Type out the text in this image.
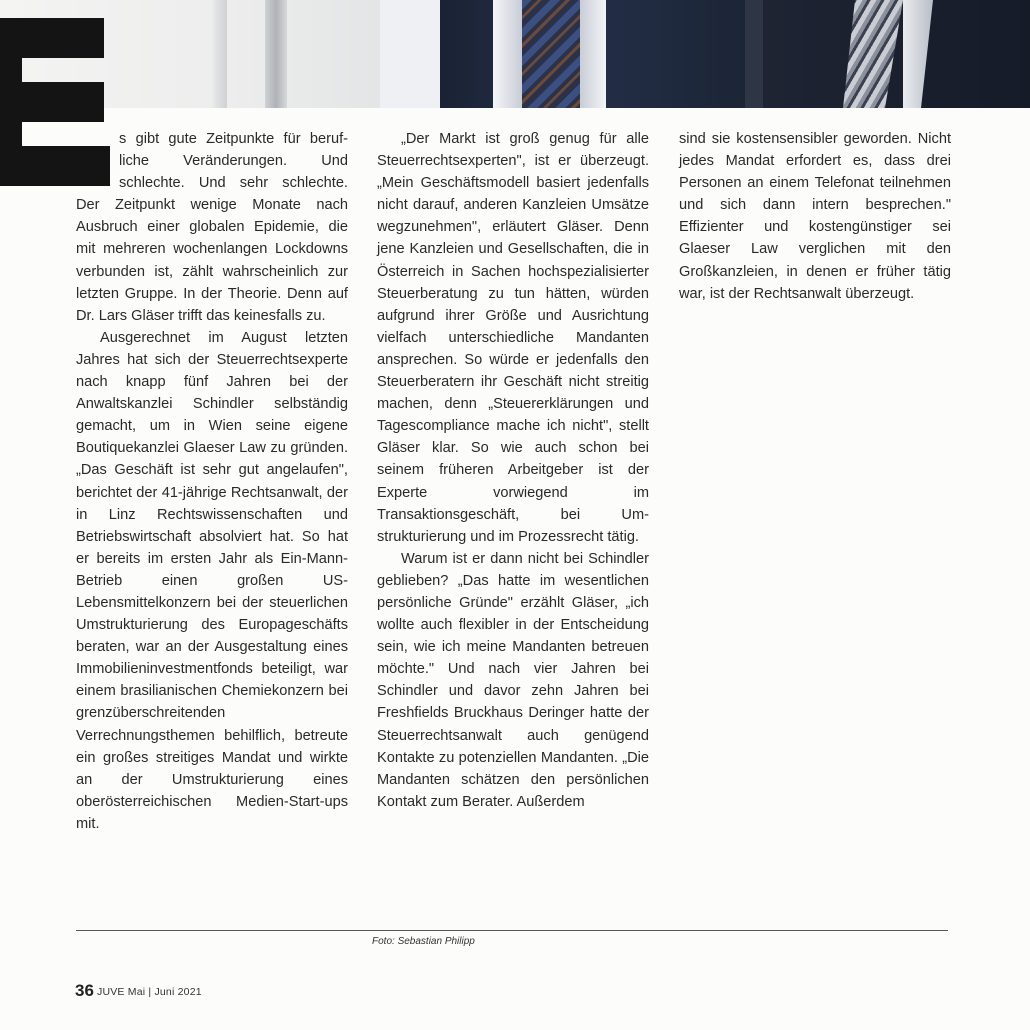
s gibt gute Zeitpunkte für beruf-

liche Veränderungen. Und

schlechte. Und sehr schlechte.

Der Zeitpunkt wenige Monate nach Ausbruch einer globalen Epidemie, die mit mehreren wochenlangen Lockdowns verbunden ist, zählt wahrscheinlich zur letzten Gruppe. In der Theorie. Denn auf Dr. Lars Gläser trifft das keinesfalls zu.

Ausgerechnet im August letzten Jahres hat sich der Steuerrechtsexperte nach knapp fünf Jahren bei der Anwaltskanzlei Schindler selbständig gemacht, um in Wien seine eigene Boutiquekanzlei Glaeser Law zu gründen. „Das Geschäft ist sehr gut angelaufen", berichtet der 41-jährige Rechtsanwalt, der in Linz Rechtswissenschaften und Betriebswirtschaft absolviert hat. So hat er bereits im ersten Jahr als Ein-Mann-Betrieb einen großen US-Lebensmittelkonzern bei der steuerlichen Umstrukturierung des Europageschäfts beraten, war an der Ausgestaltung eines Immobilieninvestmentfonds beteiligt, war einem brasilianischen Chemiekonzern bei grenzüberschreitenden Verrechnungsthemen behilflich, betreute ein großes streitiges Mandat und wirkte an der Umstrukturierung eines oberösterreichischen Medien-Start-ups mit.

„Der Markt ist groß genug für alle Steuerrechtsexperten", ist er überzeugt. „Mein Geschäftsmodell basiert jedenfalls nicht darauf, anderen Kanzleien Umsätze wegzunehmen", erläutert Gläser. Denn jene Kanzleien und Gesellschaften, die in Österreich in Sachen hochspezialisierter Steuerberatung zu tun hätten, würden aufgrund ihrer Größe und Ausrichtung vielfach unterschiedliche Mandanten ansprechen. So würde er jedenfalls den Steuerberatern ihr Geschäft nicht streitig machen, denn „Steuererklärungen und Tagescompliance mache ich nicht", stellt Gläser klar. So wie auch schon bei seinem früheren Arbeitgeber ist der Experte vorwiegend im Transaktionsgeschäft, bei Umstrukturierung und im Prozessrecht tätig.

Warum ist er dann nicht bei Schindler geblieben? „Das hatte im wesentlichen persönliche Gründe" erzählt Gläser, „ich wollte auch flexibler in der Entscheidung sein, wie ich meine Mandanten betreuen möchte." Und nach vier Jahren bei Schindler und davor zehn Jahren bei Freshfields Bruckhaus Deringer hatte der Steuerrechtsanwalt auch genügend Kontakte zu potenziellen Mandanten. „Die Mandanten schätzen den persönlichen Kontakt zum Berater. Außerdem

sind sie kostensensibler geworden. Nicht jedes Mandat erfordert es, dass drei Personen an einem Telefonat teilnehmen und sich dann intern besprechen." Effizienter und kostengünstiger sei Glaeser Law verglichen mit den Großkanzleien, in denen er früher tätig war, ist der Rechtsanwalt überzeugt.

Foto: Sebastian Philipp
36 JUVE Mai | Juni 2021
